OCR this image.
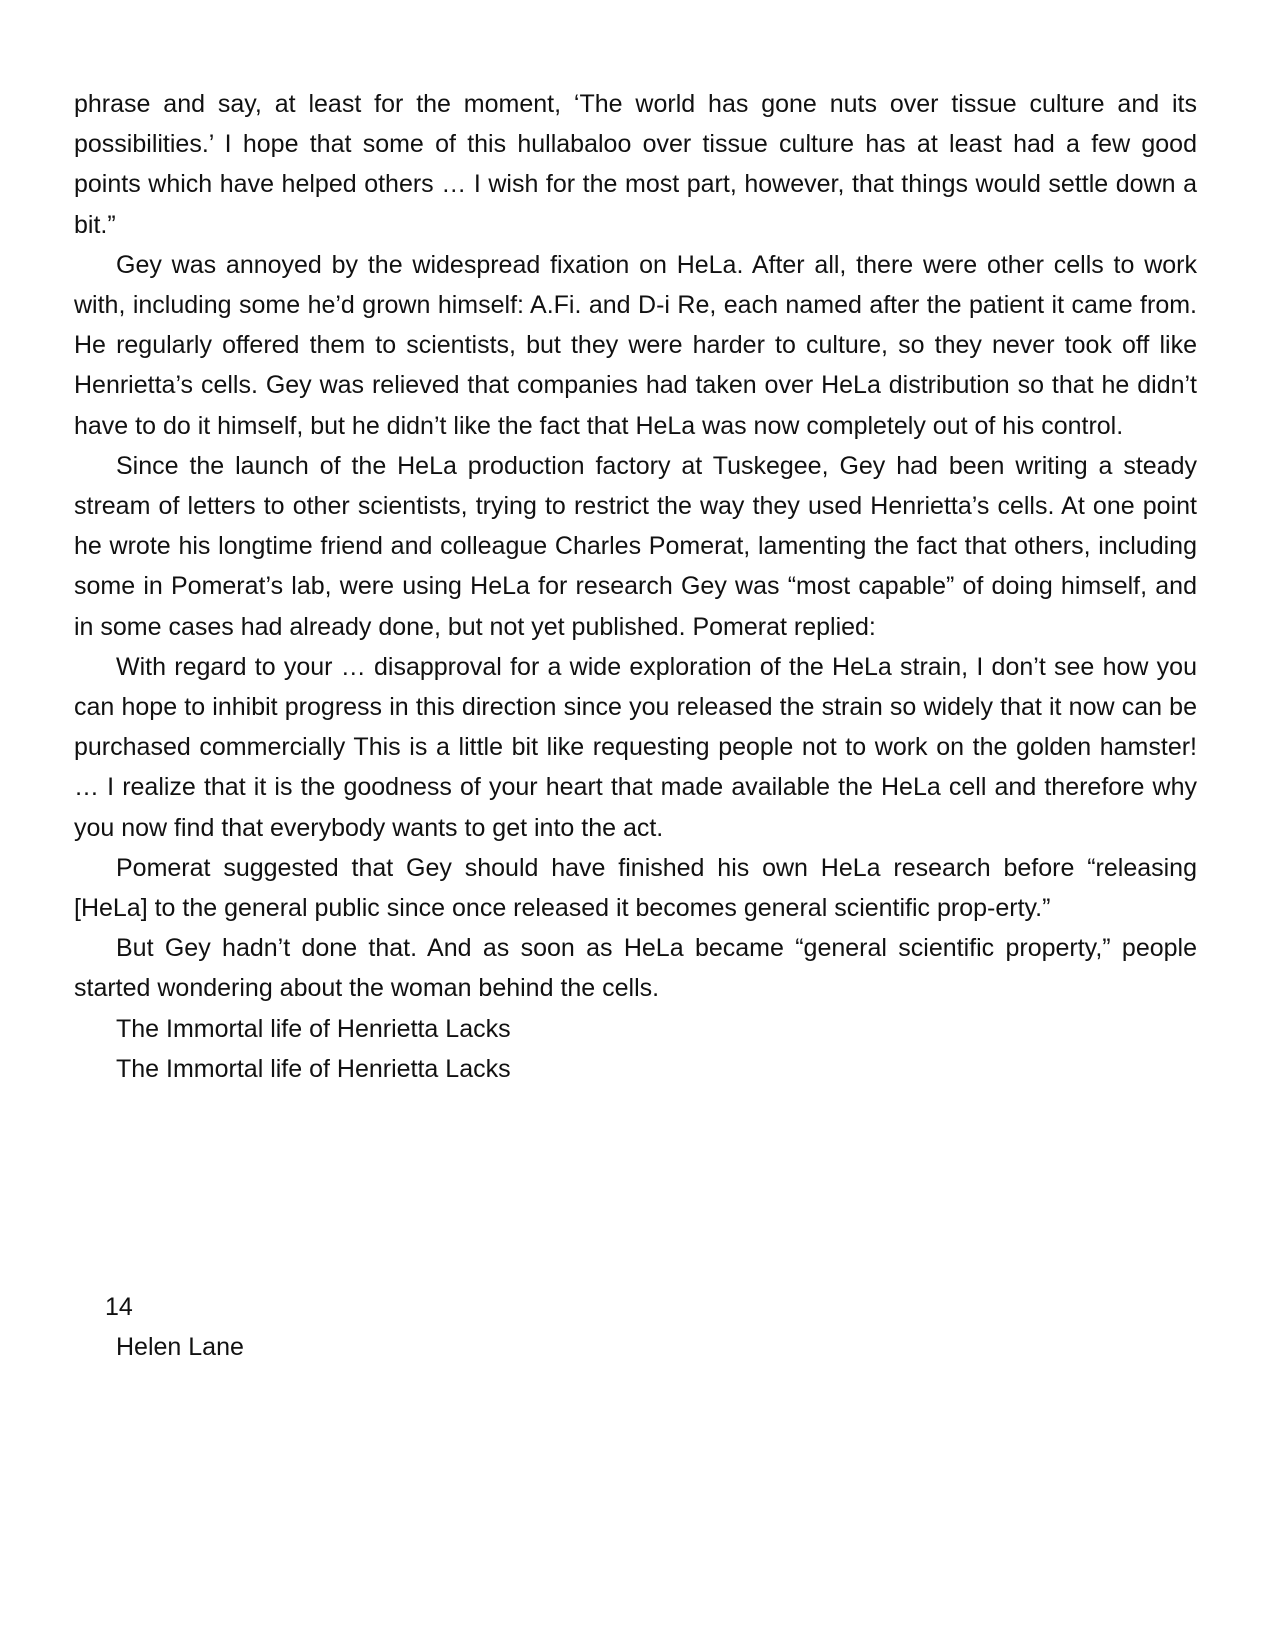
phrase and say, at least for the moment, ‘The world has gone nuts over tissue culture and its possibilities.’ I hope that some of this hullabaloo over tissue culture has at least had a few good points which have helped others … I wish for the most part, however, that things would settle down a bit.”

Gey was annoyed by the widespread fixation on HeLa. After all, there were other cells to work with, including some he’d grown himself: A.Fi. and D-i Re, each named after the patient it came from. He regularly offered them to scientists, but they were harder to culture, so they never took off like Henrietta’s cells. Gey was relieved that companies had taken over HeLa distribution so that he didn’t have to do it himself, but he didn’t like the fact that HeLa was now completely out of his control.

Since the launch of the HeLa production factory at Tuskegee, Gey had been writing a steady stream of letters to other scientists, trying to restrict the way they used Henrietta’s cells. At one point he wrote his longtime friend and colleague Charles Pomerat, lamenting the fact that others, including some in Pomerat’s lab, were using HeLa for research Gey was “most capable” of doing himself, and in some cases had already done, but not yet published. Pomerat replied:

With regard to your … disapproval for a wide exploration of the HeLa strain, I don’t see how you can hope to inhibit progress in this direction since you released the strain so widely that it now can be purchased commercially This is a little bit like requesting people not to work on the golden hamster! … I realize that it is the goodness of your heart that made available the HeLa cell and therefore why you now find that everybody wants to get into the act.

Pomerat suggested that Gey should have finished his own HeLa research before “releasing [HeLa] to the general public since once released it becomes general scientific prop-erty.”

But Gey hadn’t done that. And as soon as HeLa became “general scientific property,” people started wondering about the woman behind the cells.

The Immortal life of Henrietta Lacks

The Immortal life of Henrietta Lacks

14

Helen Lane
